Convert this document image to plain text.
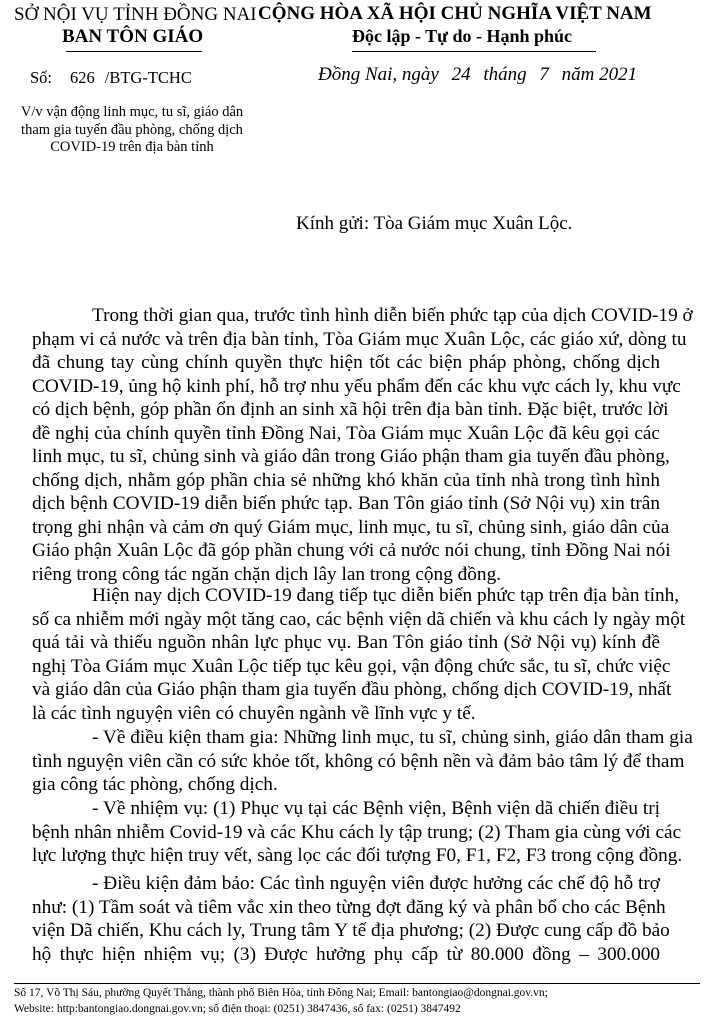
SỞ NỘI VỤ TỈNH ĐỒNG NAI
BAN TÔN GIÁO
CỘNG HÒA XÃ HỘI CHỦ NGHĨA VIỆT NAM
Độc lập - Tự do - Hạnh phúc
Số: 626 /BTG-TCHC	Đồng Nai, ngày 24 tháng 7 năm 2021
V/v vận động linh mục, tu sĩ, giáo dân
tham gia tuyến đầu phòng, chống dịch
COVID-19 trên địa bàn tỉnh
Kính gửi: Tòa Giám mục Xuân Lộc.
Trong thời gian qua, trước tình hình diễn biến phức tạp của dịch COVID-19 ở
phạm vi cả nước và trên địa bàn tỉnh, Tòa Giám mục Xuân Lộc, các giáo xứ, dòng tu
đã chung tay cùng chính quyền thực hiện tốt các biện pháp phòng, chống dịch
COVID-19, ủng hộ kinh phí, hỗ trợ nhu yếu phẩm đến các khu vực cách ly, khu vực
có dịch bệnh, góp phần ổn định an sinh xã hội trên địa bàn tỉnh. Đặc biệt, trước lời
đề nghị của chính quyền tỉnh Đồng Nai, Tòa Giám mục Xuân Lộc đã kêu gọi các
linh mục, tu sĩ, chủng sinh và giáo dân trong Giáo phận tham gia tuyến đầu phòng,
chống dịch, nhằm góp phần chia sẻ những khó khăn của tỉnh nhà trong tình hình
dịch bệnh COVID-19 diễn biến phức tạp. Ban Tôn giáo tỉnh (Sở Nội vụ) xin trân
trọng ghi nhận và cảm ơn quý Giám mục, linh mục, tu sĩ, chủng sinh, giáo dân của
Giáo phận Xuân Lộc đã góp phần chung với cả nước nói chung, tỉnh Đồng Nai nói
riêng trong công tác ngăn chặn dịch lây lan trong cộng đồng.
Hiện nay dịch COVID-19 đang tiếp tục diễn biến phức tạp trên địa bàn tỉnh,
số ca nhiễm mới ngày một tăng cao, các bệnh viện dã chiến và khu cách ly ngày một
quá tải và thiếu nguồn nhân lực phục vụ. Ban Tôn giáo tỉnh (Sở Nội vụ) kính đề
nghị Tòa Giám mục Xuân Lộc tiếp tục kêu gọi, vận động chức sắc, tu sĩ, chức việc
và giáo dân của Giáo phận tham gia tuyến đầu phòng, chống dịch COVID-19, nhất
là các tình nguyện viên có chuyên ngành về lĩnh vực y tế.
- Về điều kiện tham gia: Những linh mục, tu sĩ, chủng sinh, giáo dân tham gia
tình nguyện viên cần có sức khỏe tốt, không có bệnh nền và đảm bảo tâm lý để tham
gia công tác phòng, chống dịch.
- Về nhiệm vụ: (1) Phục vụ tại các Bệnh viện, Bệnh viện dã chiến điều trị
bệnh nhân nhiễm Covid-19 và các Khu cách ly tập trung; (2) Tham gia cùng với các
lực lượng thực hiện truy vết, sàng lọc các đối tượng F0, F1, F2, F3 trong cộng đồng.
- Điều kiện đảm bảo: Các tình nguyện viên được hưởng các chế độ hỗ trợ
như: (1) Tầm soát và tiêm vắc xin theo từng đợt đăng ký và phân bổ cho các Bệnh
viện Dã chiến, Khu cách ly, Trung tâm Y tế địa phương; (2) Được cung cấp đồ bảo
hộ thực hiện nhiệm vụ; (3) Được hưởng phụ cấp từ 80.000 đồng – 300.000
Số 17, Võ Thị Sáu, phường Quyết Thắng, thành phố Biên Hòa, tỉnh Đồng Nai; Email: bantongiao@dongnai.gov.vn;
Website: http:bantongiao.dongnai.gov.vn; số điện thoại: (0251) 3847436, số fax: (0251) 3847492
